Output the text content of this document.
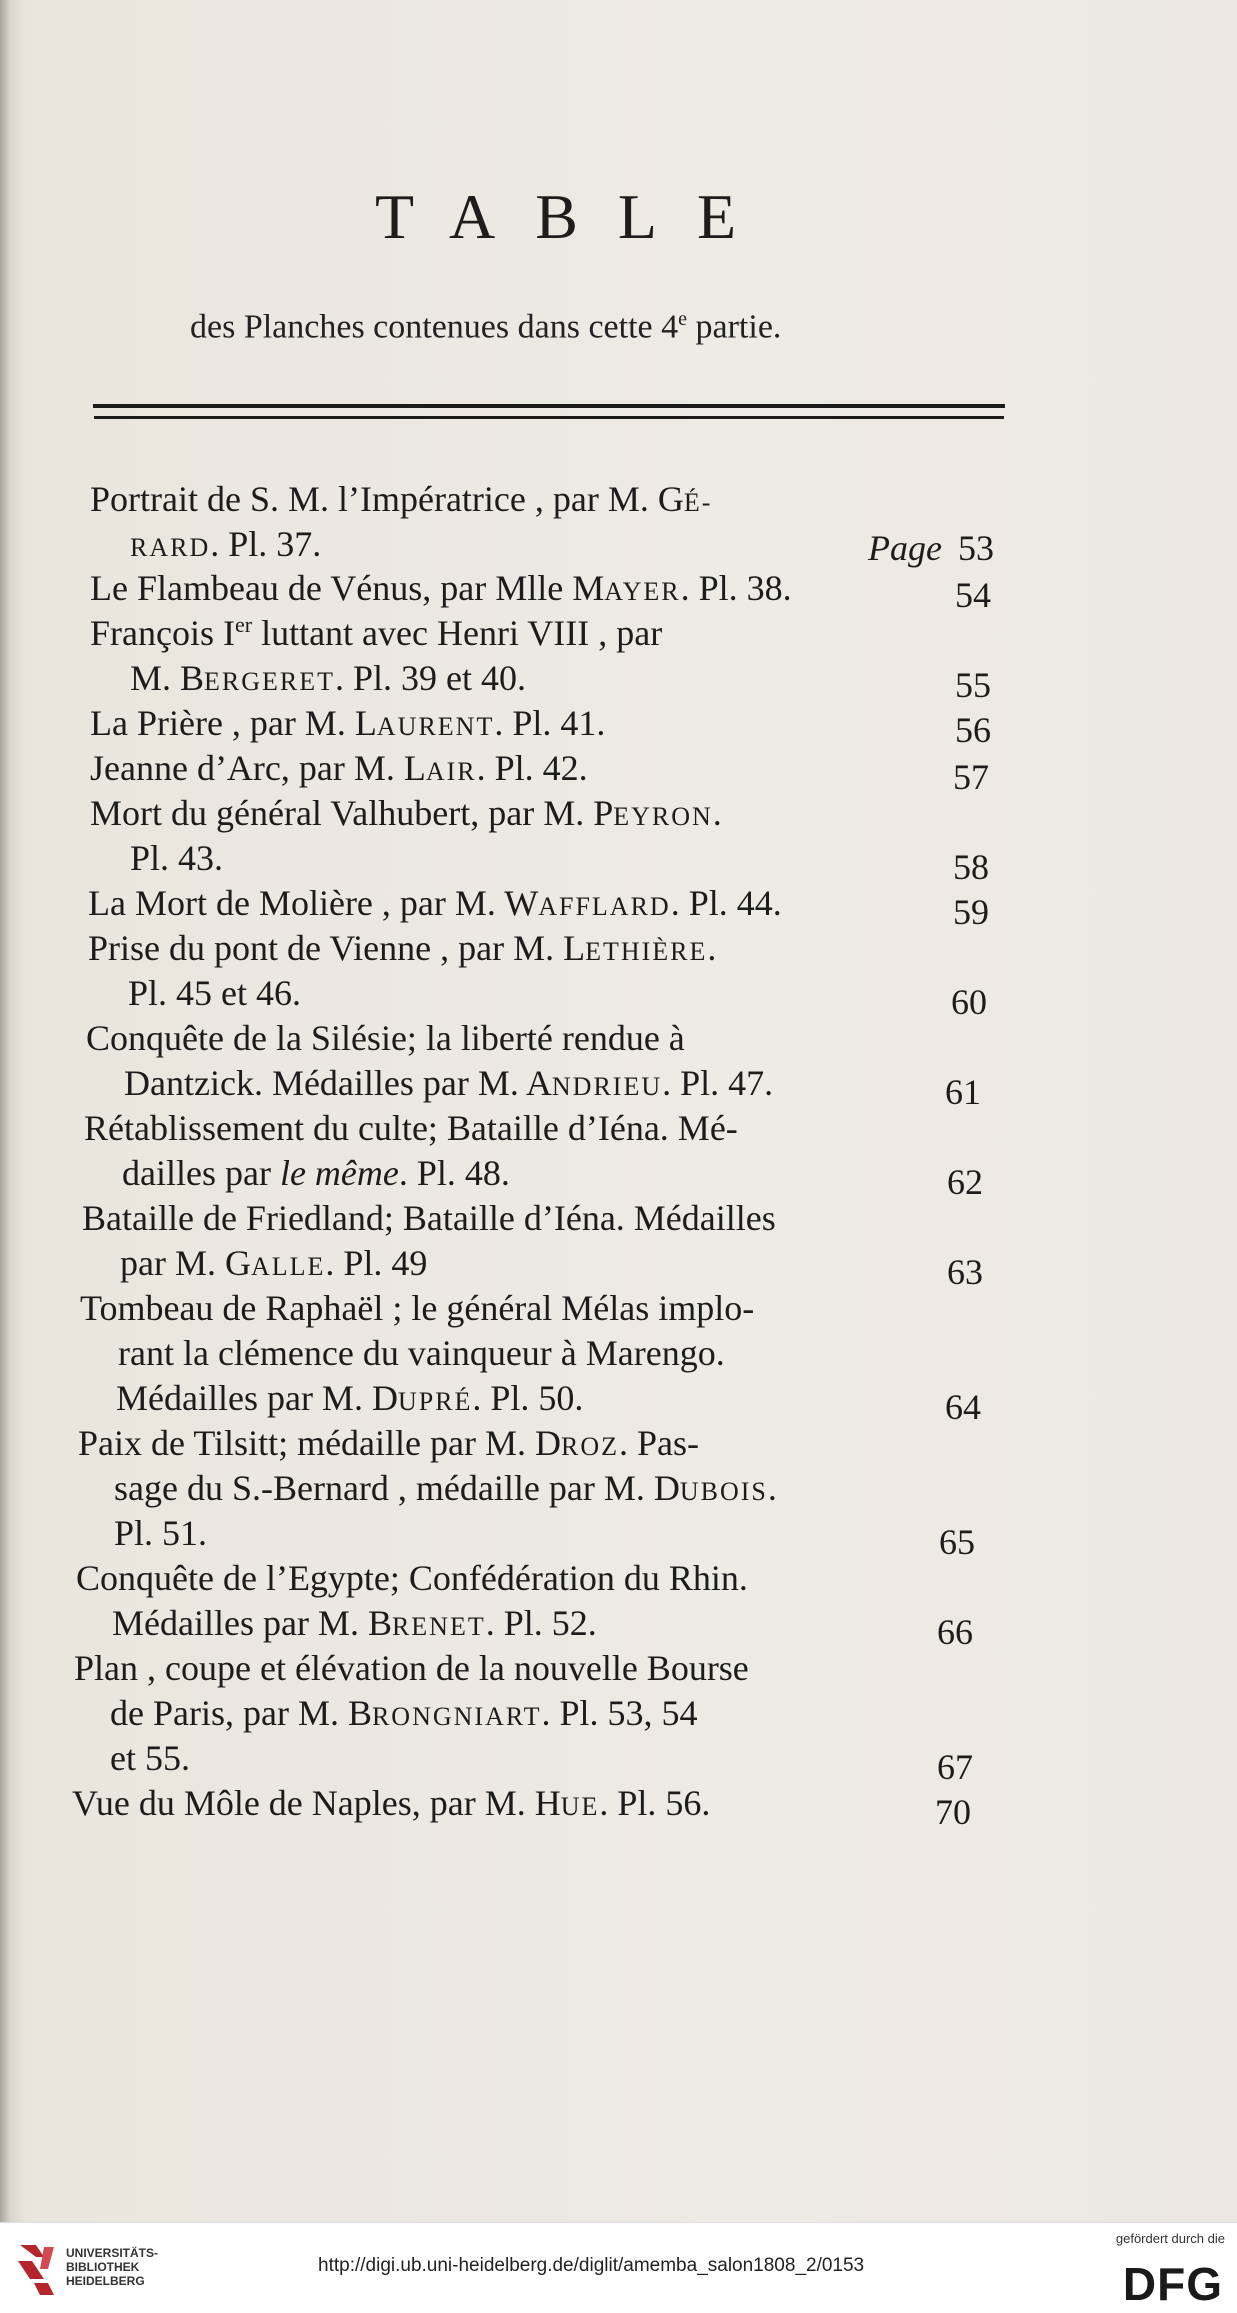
TABLE
des Planches contenues dans cette 4e partie.
Portrait de S. M. l’Impératrice , par M. GÉ-
RARD. Pl. 37.
Le Flambeau de Vénus, par Mlle MAYER. Pl. 38.
François Ier luttant avec Henri VIII , par
M. BERGERET. Pl. 39 et 40.
La Prière , par M. LAURENT. Pl. 41.
Jeanne d’Arc, par M. LAIR. Pl. 42.
Mort du général Valhubert, par M. PEYRON.
Pl. 43.
La Mort de Molière , par M. WAFFLARD. Pl. 44.
Prise du pont de Vienne , par M. LETHIÈRE.
Pl. 45 et 46.
Conquête de la Silésie; la liberté rendue à
Dantzick. Médailles par M. ANDRIEU. Pl. 47.
Rétablissement du culte; Bataille d’Iéna. Mé-
dailles par le même. Pl. 48.
Bataille de Friedland; Bataille d’Iéna. Médailles
par M. GALLE. Pl. 49
Tombeau de Raphaël ; le général Mélas implo-
rant la clémence du vainqueur à Marengo.
Médailles par M. DUPRÉ. Pl. 50.
Paix de Tilsitt; médaille par M. DROZ. Pas-
sage du S.-Bernard , médaille par M. DUBOIS.
Pl. 51.
Conquête de l’Egypte; Confédération du Rhin.
Médailles par M. BRENET. Pl. 52.
Plan , coupe et élévation de la nouvelle Bourse
de Paris, par M. BRONGNIART. Pl. 53, 54
et 55.
Vue du Môle de Naples, par M. HUE. Pl. 56.
Page 53
54
55
56
57
58
59
60
61
62
63
64
65
66
67
70
UNIVERSITÄTS-
BIBLIOTHEK
HEIDELBERG
http://digi.ub.uni-heidelberg.de/diglit/amemba_salon1808_2/0153
gefördert durch die
DFG
